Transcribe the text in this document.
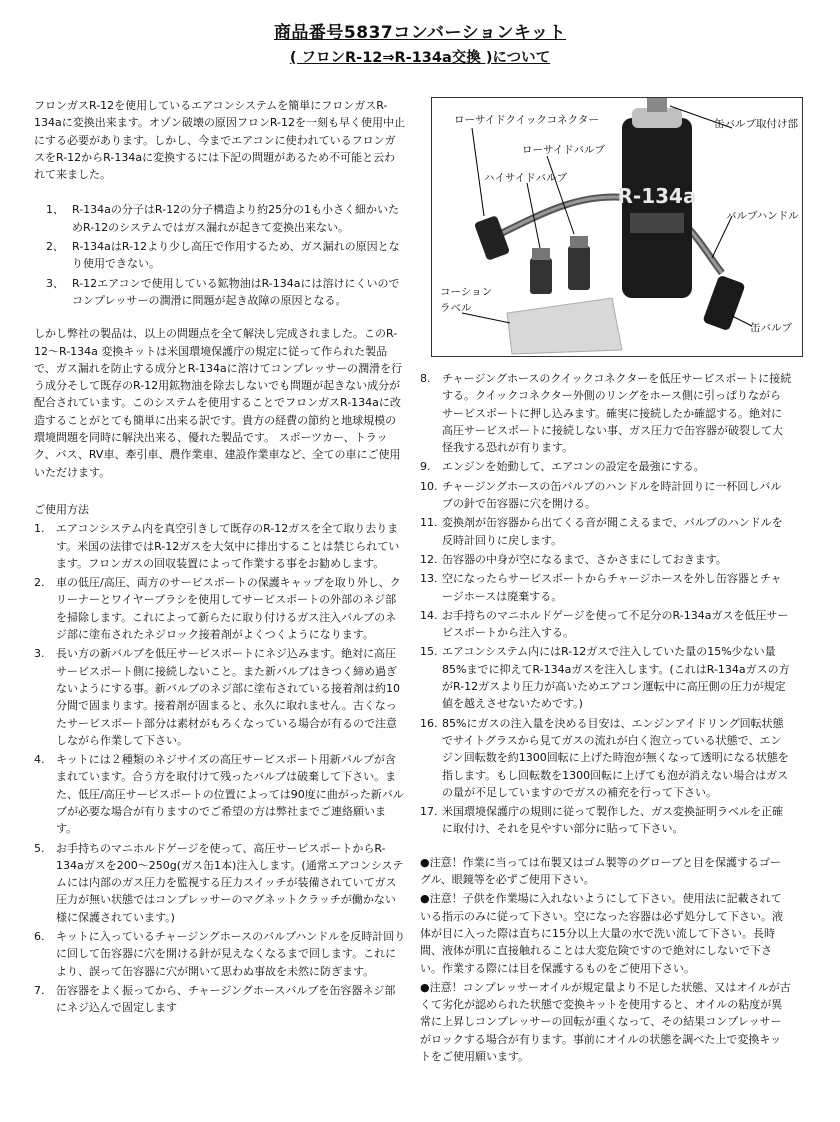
商品番号5837コンバーションキット
( フロンR-12⇒R-134a交換 )について

フロンガスR-12を使用しているエアコンシステムを簡単にフロンガスR-134aに変換出来ます。オゾン破壊の原因フロンR-12を一刻も早く使用中止にする必要があります。しかし、今までエアコンに使われているフロンガスをR-12からR-134aに変換するには下記の問題があるため不可能と云われて来ました。

1、 R-134aの分子はR-12の分子構造より約25分の1も小さく細かいためR-12のシステムではガス漏れが起きて変換出来ない。
2、 R-134aはR-12より少し高圧で作用するため、ガス漏れの原因となり使用できない。
3、 R-12エアコンで使用している鉱物油はR-134aには溶けにくいのでコンプレッサーの潤滑に問題が起き故障の原因となる。

しかし弊社の製品は、以上の問題点を全て解決し完成されました。このR-12～R-134a 変換キットは米国環境保護庁の規定に従って作られた製品で、ガス漏れを防止する成分とR-134aに溶けてコンプレッサーの潤滑を行う成分そして既存のR-12用鉱物油を除去しないでも問題が起きない成分が配合されています。このシステムを使用することでフロンガスR-134aに改造することがとても簡単に出来る訳です。貴方の経費の節約と地球規模の環境問題を同時に解決出来る、優れた製品です。 スポーツカー、トラック、バス、RV車、牽引車、農作業車、建設作業車など、全ての車にご使用いただけます。

ご使用方法

1. エアコンシステム内を真空引きして既存のR-12ガスを全て取り去ります。米国の法律ではR-12ガスを大気中に排出することは禁じられています。フロンガスの回収装置によって作業する事をお勧めします。
2. 車の低圧/高圧、両方のサービスポートの保護キャップを取り外し、クリーナーとワイヤーブラシを使用してサービスポートの外部のネジ部を掃除します。これによって新らたに取り付けるガス注入バルブのネジ部に塗布されたネジロック接着剤がよくつくようになります。
3. 長い方の新バルブを低圧サービスポートにネジ込みます。絶対に高圧サービスポート側に接続しないこと。また新バルブはきつく締め過ぎないようにする事。新バルブのネジ部に塗布されている接着剤は約10分間で固まります。接着剤が固まると、永久に取れません。古くなったサービスポート部分は素材がもろくなっている場合が有るので注意しながら作業して下さい。
4. キットには２種類のネジサイズの高圧サービスポート用新バルブが含まれています。合う方を取付けて残ったバルブは破棄して下さい。また、低圧/高圧サービスポートの位置によっては90度に曲がった新バルブが必要な場合が有りますのでご希望の方は弊社までご連絡願います。
5. お手持ちのマニホルドゲージを使って、高圧サービスポートからR-134aガスを200～250g(ガス缶1本)注入します。(通常エアコンシステムには内部のガス圧力を監視する圧力スイッチが装備されていてガス圧力が無い状態ではコンプレッサーのマグネットクラッチが働かない様に保護されています。)
6. キットに入っているチャージングホースのバルブハンドルを反時計回りに回して缶容器に穴を開ける針が見えなくなるまで回します。これにより、誤って缶容器に穴が開いて思わぬ事故を未然に防ぎます。
7. 缶容器をよく振ってから、チャージングホースバルブを缶容器ネジ部にネジ込んで固定します
R-134a
ローサイドクイックコネクター	缶バルブ取付け部
ローサイドバルブ
ハイサイドバルブ
バルブハンドル
コーション
ラベル
缶バルブ
8. チャージングホースのクイックコネクターを低圧サービスポートに接続する。クイックコネクター外側のリングをホース側に引っぱりながらサービスポートに押し込みます。確実に接続したか確認する。絶対に高圧サービスポートに接続しない事、ガス圧力で缶容器が破裂して大怪我する恐れが有ります。
9. エンジンを始動して、エアコンの設定を最強にする。
10. チャージングホースの缶バルブのハンドルを時計回りに一杯回しバルブの針で缶容器に穴を開ける。
11. 変換剤が缶容器から出てくる音が聞こえるまで、バルブのハンドルを反時計回りに戻します。
12. 缶容器の中身が空になるまで、さかさまにしておきます。
13. 空になったらサービスポートからチャージホースを外し缶容器とチャージホースは廃棄する。
14. お手持ちのマニホルドゲージを使って不足分のR-134aガスを低圧サービスポートから注入する。
15. エアコンシステム内にはR-12ガスで注入していた量の15%少ない量85%までに抑えてR-134aガスを注入します。(これはR-134aガスの方がR-12ガスより圧力が高いためエアコン運転中に高圧側の圧力が規定値を越えさせないためです。)
16. 85%にガスの注入量を決める目安は、エンジンアイドリング回転状態でサイトグラスから見てガスの流れが白く泡立っている状態で、エンジン回転数を約1300回転に上げた時泡が無くなって透明になる状態を指します。もし回転数を1300回転に上げても泡が消えない場合はガスの量が不足していますのでガスの補充を行って下さい。
17. 米国環境保護庁の規則に従って製作した、ガス変換証明ラベルを正確に取付け、それを見やすい部分に貼って下さい。

●注意！作業に当っては布製又はゴム製等のグローブと目を保護するゴーグル、眼鏡等を必ずご使用下さい。

●注意！子供を作業場に入れないようにして下さい。使用法に記載されている指示のみに従って下さい。空になった容器は必ず処分して下さい。液体が目に入った際は直ちに15分以上大量の水で洗い流して下さい。長時間、液体が肌に直接触れることは大変危険ですので絶対にしないで下さい。作業する際には目を保護するものをご使用下さい。

●注意！コンプレッサーオイルが規定量より不足した状態、又はオイルが古くて劣化が認められた状態で変換キットを使用すると、オイルの粘度が異常に上昇しコンプレッサーの回転が重くなって、その結果コンプレッサーがロックする場合が有ります。事前にオイルの状態を調べた上で変換キットをご使用願います。
